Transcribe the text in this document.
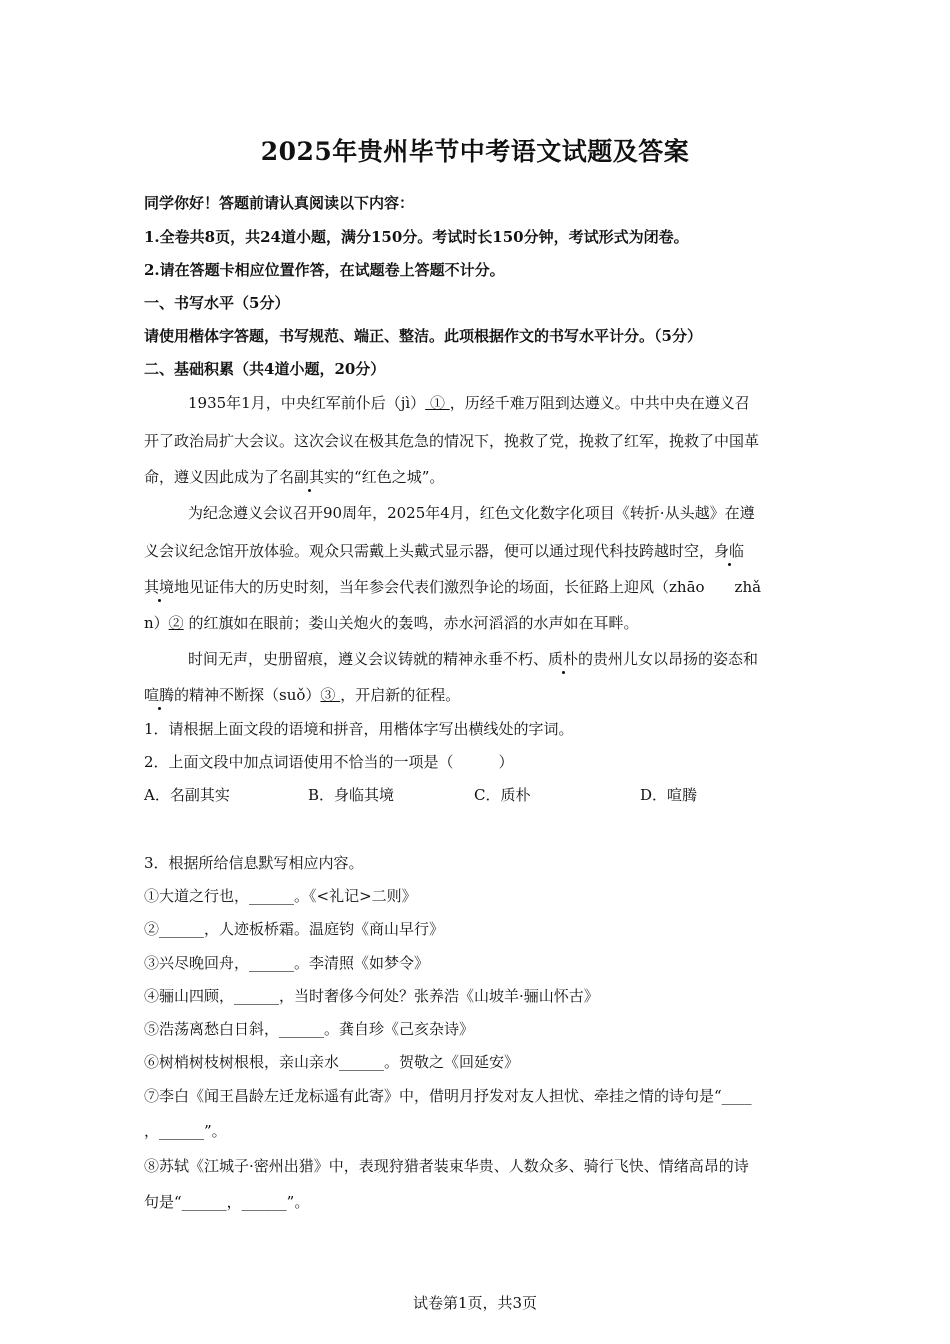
2025年贵州毕节中考语文试题及答案
同学你好！答题前请认真阅读以下内容：
1.全卷共8页，共24道小题，满分150分。考试时长150分钟，考试形式为闭卷。
2.请在答题卡相应位置作答，在试题卷上答题不计分。
一、书写水平（5分）
请使用楷体字答题，书写规范、端正、整洁。此项根据作文的书写水平计分。（5分）
二、基础积累（共4道小题，20分）
1935年1月，中央红军前仆后（jì） ① ，历经千难万阻到达遵义。中共中央在遵义召
开了政治局扩大会议。这次会议在极其危急的情况下，挽救了党，挽救了红军，挽救了中国革
命，遵义因此成为了名副其实的“红色之城”。
为纪念遵义会议召开90周年，2025年4月，红色文化数字化项目《转折·从头越》在遵
义会议纪念馆开放体验。观众只需戴上头戴式显示器，便可以通过现代科技跨越时空，身临
其境地见证伟大的历史时刻，当年参会代表们激烈争论的场面，长征路上迎风（zhāo　　zhǎ
n）② 的红旗如在眼前；娄山关炮火的轰鸣，赤水河滔滔的水声如在耳畔。
时间无声，史册留痕，遵义会议铸就的精神永垂不朽、质朴的贵州儿女以昂扬的姿态和
喧腾的精神不断探（suǒ）③ ，开启新的征程。
1．请根据上面文段的语境和拼音，用楷体字写出横线处的字词。
2．上面文段中加点词语使用不恰当的一项是（　　　）
A．名副其实	B．身临其境	C．质朴	D．喧腾
3．根据所给信息默写相应内容。
①大道之行也，______。《<礼记>二则》
②______，人迹板桥霜。温庭钧《商山早行》
③兴尽晚回舟，______。李清照《如梦令》
④骊山四顾，______，当时奢侈今何处？张养浩《山坡羊·骊山怀古》
⑤浩荡离愁白日斜，______。龚自珍《己亥杂诗》
⑥树梢树枝树根根，亲山亲水______。贺敬之《回延安》
⑦李白《闻王昌龄左迁龙标遥有此寄》中，借明月抒发对友人担忧、牵挂之情的诗句是“____
，______”。
⑧苏轼《江城子·密州出猎》中，表现狩猎者装束华贵、人数众多、骑行飞快、情绪高昂的诗
句是“______，______”。
试卷第1页，共3页
